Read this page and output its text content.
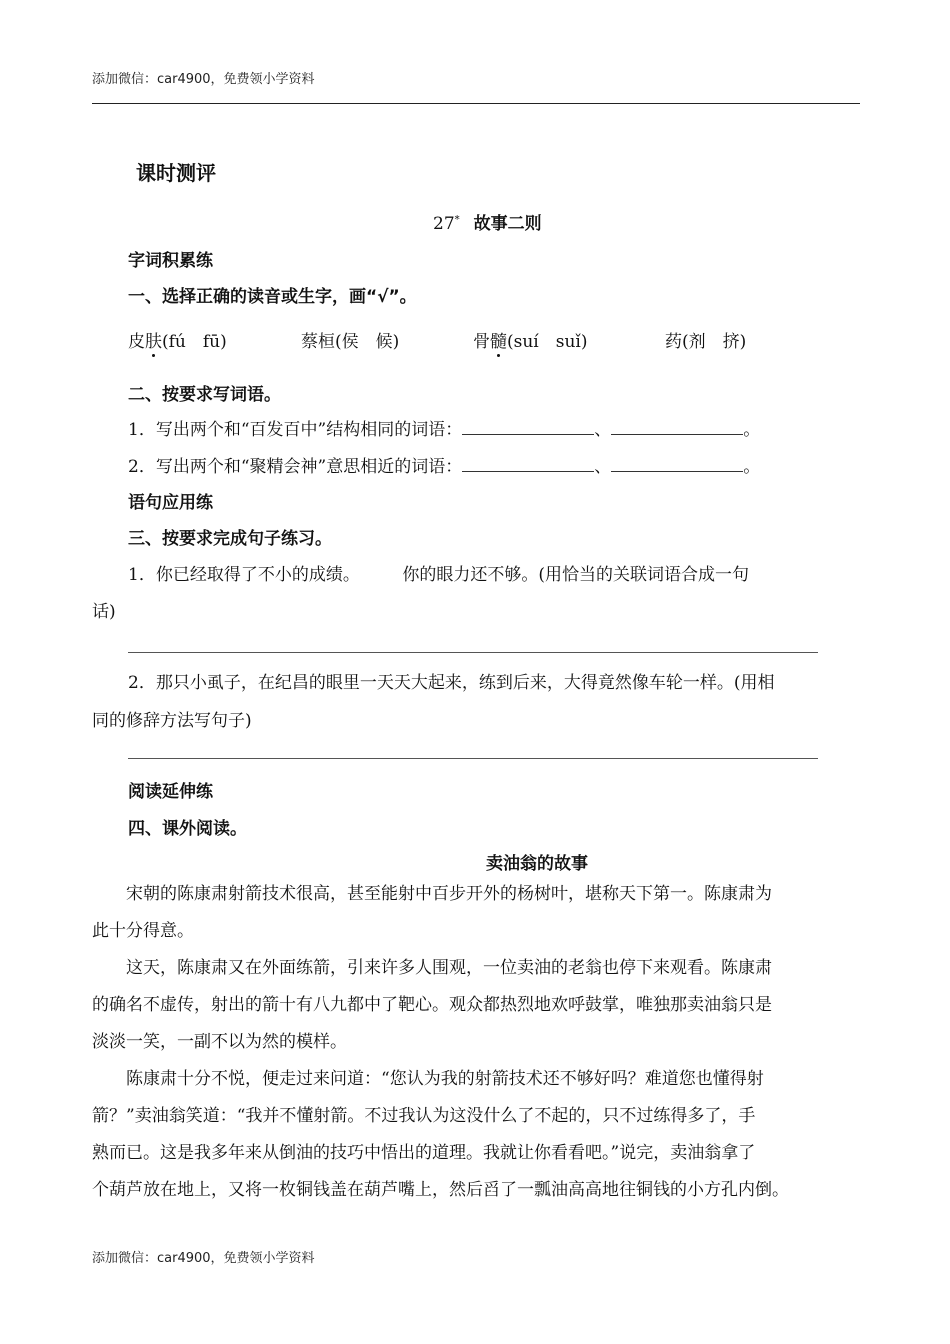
添加微信：car4900，免费领小学资料
课时测评
27* 故事二则
字词积累练
一、选择正确的读音或生字，画“√”。
皮肤(fú　fū)	蔡桓(侯　候)	骨髓(suí　suǐ)	药(剂　挤)
二、按要求写词语。
1．写出两个和“百发百中”结构相同的词语：	、	。
2．写出两个和“聚精会神”意思相近的词语：	、	。
语句应用练
三、按要求完成句子练习。
1．你已经取得了不小的成绩。　　　你的眼力还不够。(用恰当的关联词语合成一句
话)
2．那只小虱子，在纪昌的眼里一天天大起来，练到后来，大得竟然像车轮一样。(用相
同的修辞方法写句子)
阅读延伸练
四、课外阅读。
卖油翁的故事
　　宋朝的陈康肃射箭技术很高，甚至能射中百步开外的杨树叶，堪称天下第一。陈康肃为
此十分得意。
　　这天，陈康肃又在外面练箭，引来许多人围观，一位卖油的老翁也停下来观看。陈康肃
的确名不虚传，射出的箭十有八九都中了靶心。观众都热烈地欢呼鼓掌，唯独那卖油翁只是
淡淡一笑，一副不以为然的模样。
　　陈康肃十分不悦，便走过来问道：“您认为我的射箭技术还不够好吗？难道您也懂得射
箭？”卖油翁笑道：“我并不懂射箭。不过我认为这没什么了不起的，只不过练得多了，手
熟而已。这是我多年来从倒油的技巧中悟出的道理。我就让你看看吧。”说完，卖油翁拿了
个葫芦放在地上，又将一枚铜钱盖在葫芦嘴上，然后舀了一瓢油高高地往铜钱的小方孔内倒。
添加微信：car4900，免费领小学资料
